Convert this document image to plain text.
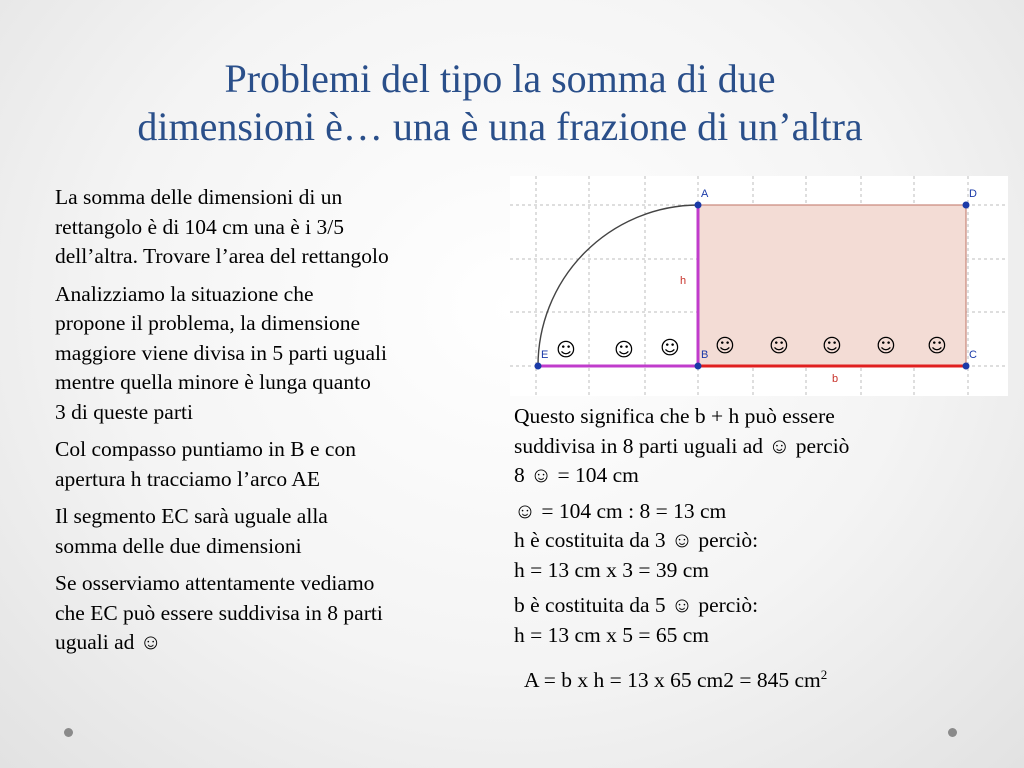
Problemi del tipo la somma di due
dimensioni è… una è una frazione di un’altra

La somma delle dimensioni di un
rettangolo è di 104 cm una è i 3/5
dell’altra. Trovare l’area del rettangolo

Analizziamo la situazione che
propone il problema, la dimensione
maggiore viene divisa in 5 parti uguali
mentre quella minore è lunga quanto
3 di queste parti

Col compasso puntiamo in B e con
apertura h tracciamo l’arco AE

Il segmento EC sarà uguale alla
somma delle due dimensioni

Se osserviamo attentamente vediamo
che EC può essere suddivisa in 8 parti
uguali ad ☺

A	D
E	B	C
h
b
☺ ☺ ☺ ☺ ☺ ☺ ☺ ☺

Questo significa che b + h può essere
suddivisa in 8 parti uguali ad ☺ perciò
8 ☺ = 104 cm

☺ = 104 cm : 8 = 13 cm
h è costituita da 3 ☺ perciò:
h = 13 cm x 3 = 39 cm

b è costituita da 5 ☺ perciò:
h = 13 cm x 5 = 65 cm

A = b x h = 13 x 65 cm2 = 845 $cm^2$
